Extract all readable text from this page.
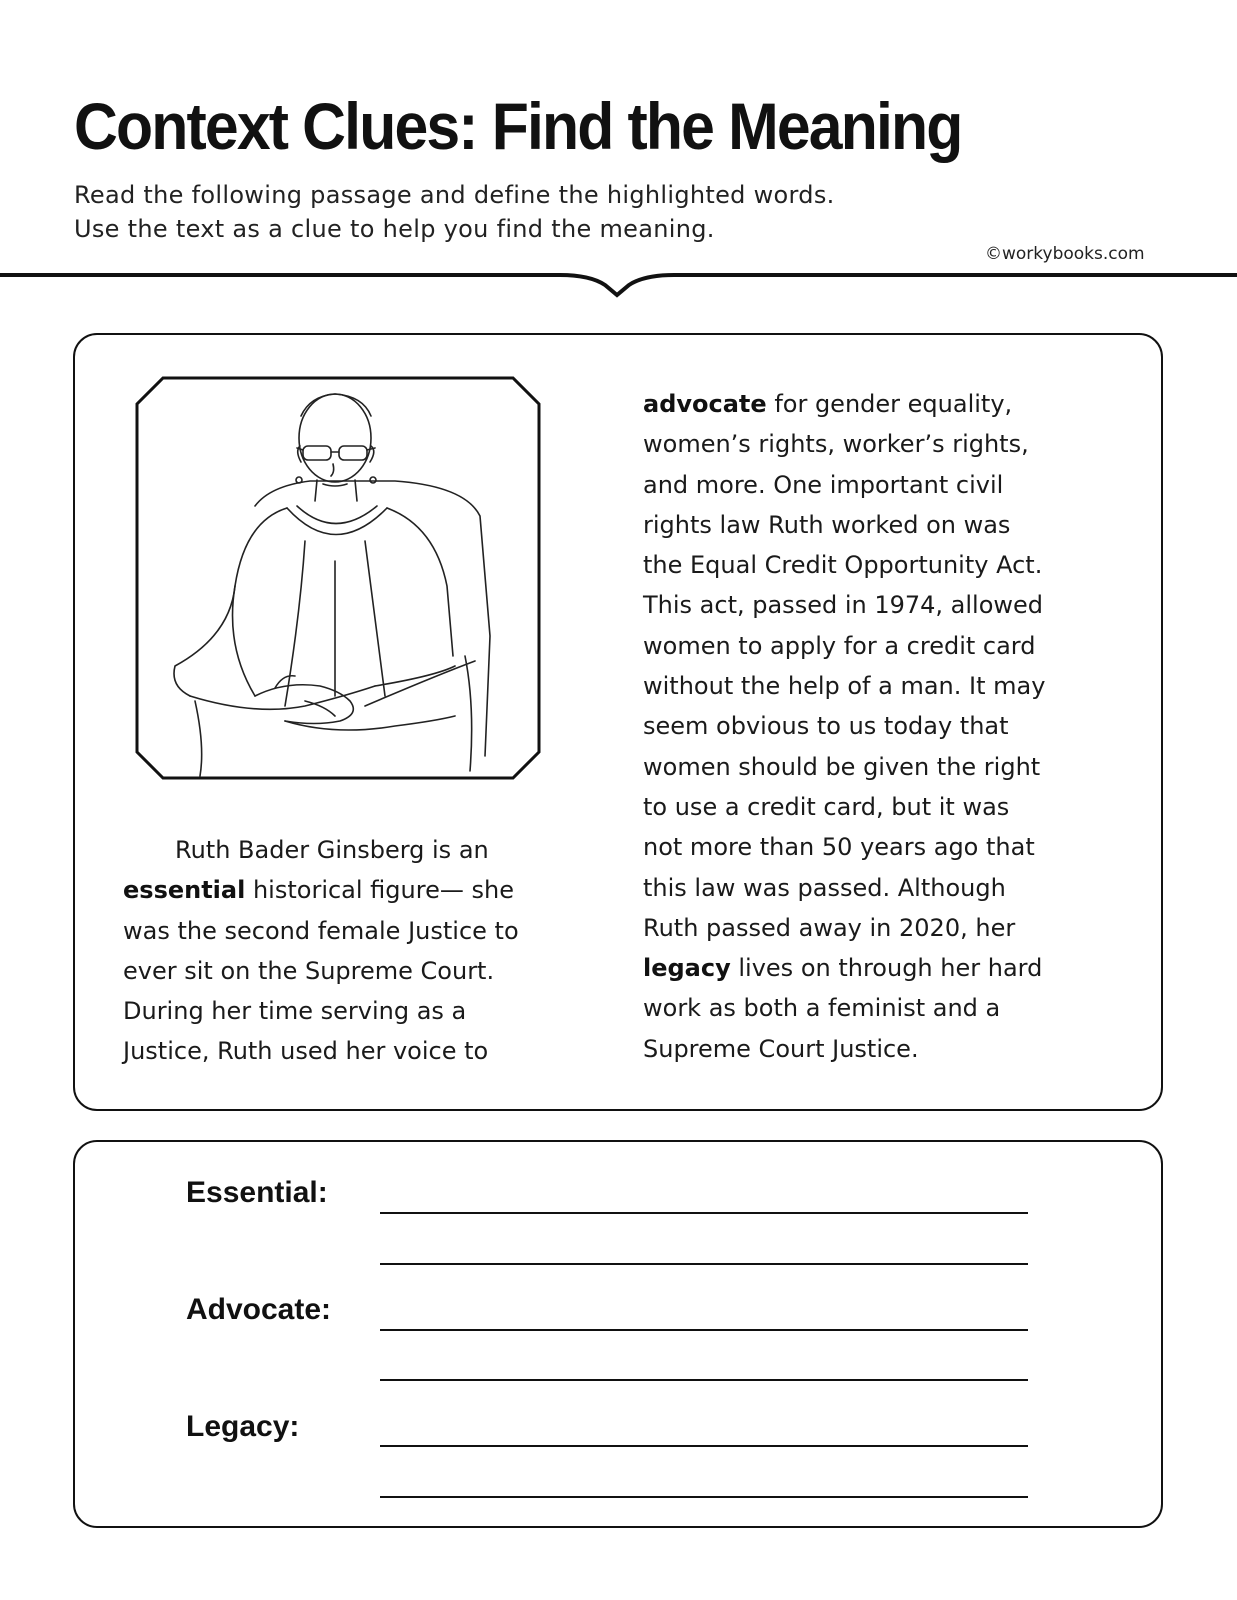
Context Clues: Find the Meaning
Read the following passage and define the highlighted words.
Use the text as a clue to help you find the meaning.
©workybooks.com
Ruth Bader Ginsberg is an
essential historical figure— she
was the second female Justice to
ever sit on the Supreme Court.
During her time serving as a
Justice, Ruth used her voice to
advocate for gender equality,
women’s rights, worker’s rights,
and more. One important civil
rights law Ruth worked on was
the Equal Credit Opportunity Act.
This act, passed in 1974, allowed
women to apply for a credit card
without the help of a man. It may
seem obvious to us today that
women should be given the right
to use a credit card, but it was
not more than 50 years ago that
this law was passed. Although
Ruth passed away in 2020, her
legacy lives on through her hard
work as both a feminist and a
Supreme Court Justice.
Essential:
Advocate:
Legacy:
